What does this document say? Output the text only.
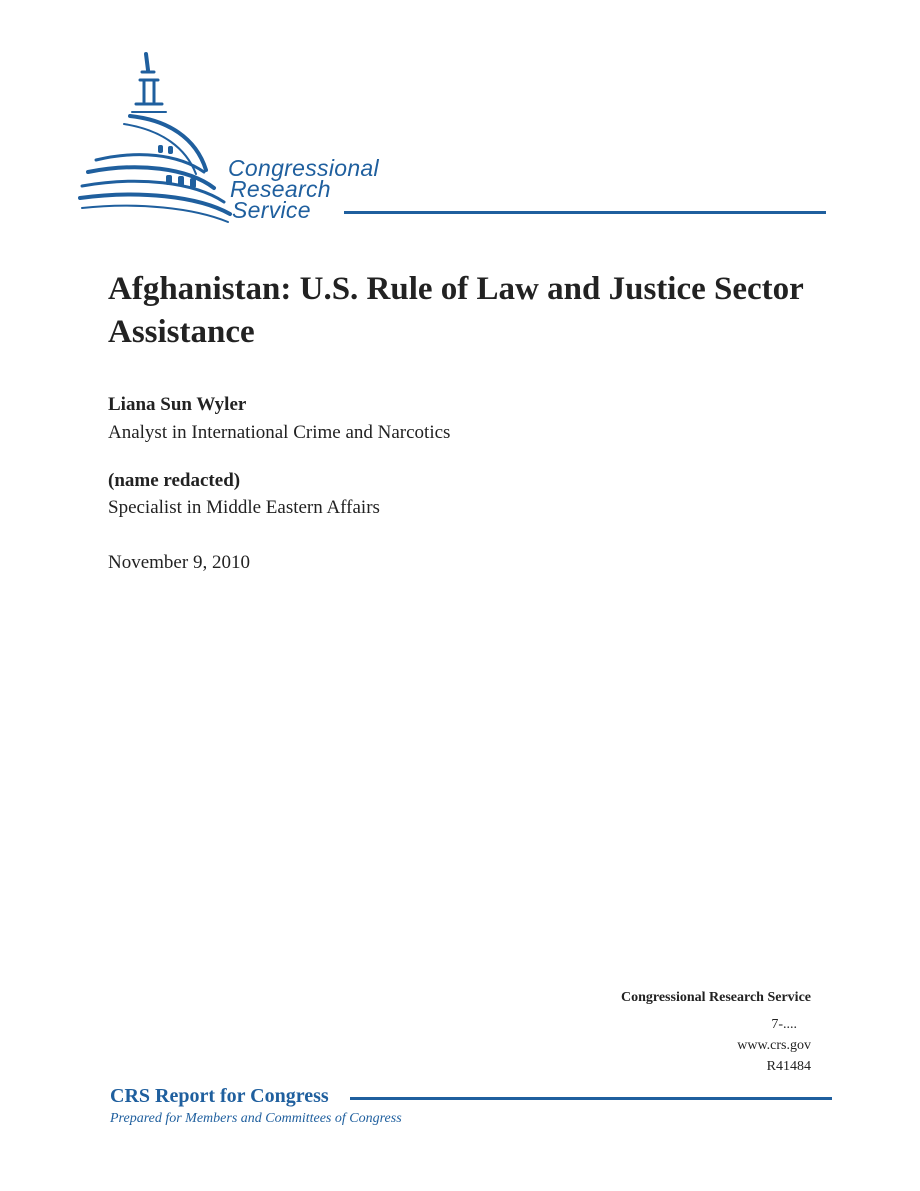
Congressional
Research
Service
Afghanistan: U.S. Rule of Law and Justice Sector Assistance
Liana Sun Wyler
Analyst in International Crime and Narcotics
(name redacted)
Specialist in Middle Eastern Affairs
November 9, 2010
Congressional Research Service
7-....
www.crs.gov
R41484
CRS Report for Congress
Prepared for Members and Committees of Congress
